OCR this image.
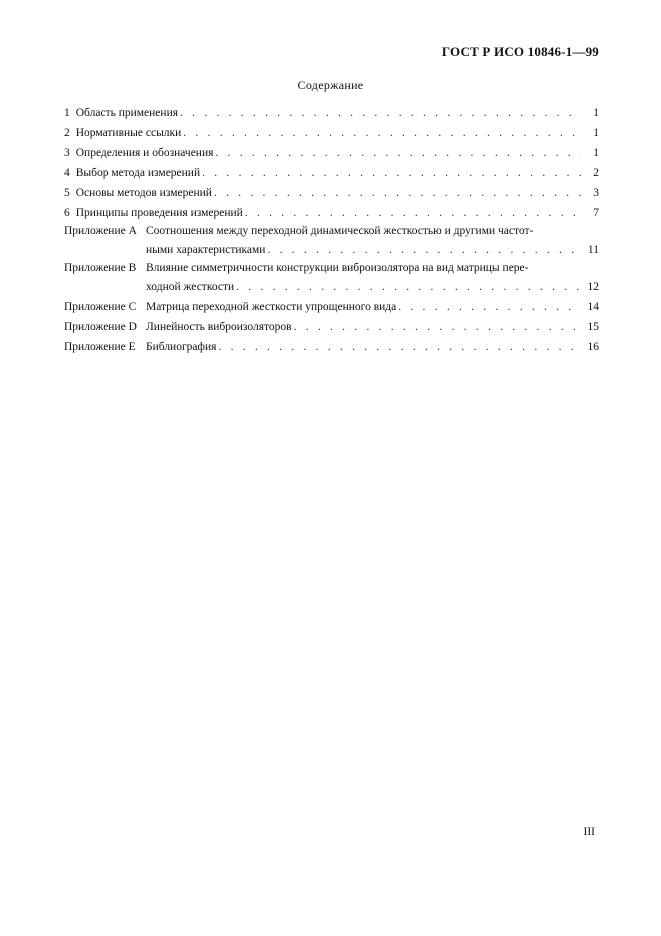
ГОСТ Р ИСО 10846-1—99
Содержание
1 Область применения . . .	1
2 Нормативные ссылки . . .	1
3 Определения и обозначения . . .	1
4 Выбор метода измерений . . .	2
5 Основы методов измерений . . .	3
6 Принципы проведения измерений . . .	7
Приложение A Соотношения между переходной динамической жесткостью и другими частот-
ными характеристиками . . .	11
Приложение B Влияние симметричности конструкции виброизолятора на вид матрицы пере-
ходной жесткости . . .	12
Приложение C Матрица переходной жесткости упрощенного вида . . .	14
Приложение D Линейность виброизоляторов . . .	15
Приложение E Библиография . . .	16
III
